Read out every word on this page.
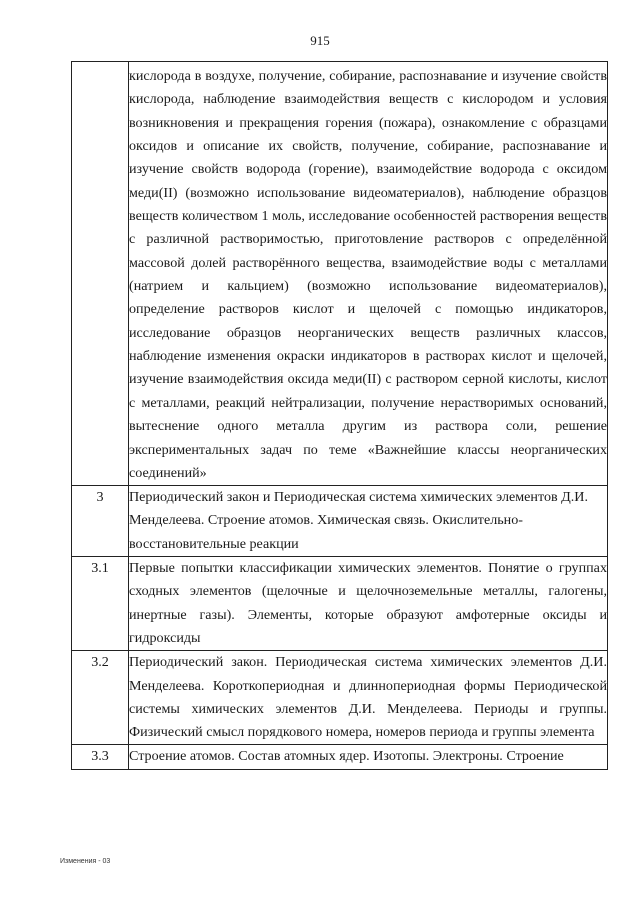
915
	кислорода в воздухе, получение, собирание, распознавание и изучение свойств кислорода, наблюдение взаимодействия веществ с кислородом и условия возникновения и прекращения горения (пожара), ознакомление с образцами оксидов и описание их свойств, получение, собирание, распознавание и изучение свойств водорода (горение), взаимодействие водорода с оксидом меди(II) (возможно использование видеоматериалов), наблюдение образцов веществ количеством 1 моль, исследование особенностей растворения веществ с различной растворимостью, приготовление растворов с определённой массовой долей растворённого вещества, взаимодействие воды с металлами (натрием и кальцием) (возможно использование видеоматериалов), определение растворов кислот и щелочей с помощью индикаторов, исследование образцов неорганических веществ различных классов, наблюдение изменения окраски индикаторов в растворах кислот и щелочей, изучение взаимодействия оксида меди(II) с раствором серной кислоты, кислот с металлами, реакций нейтрализации, получение нерастворимых оснований, вытеснение одного металла другим из раствора соли, решение экспериментальных задач по теме «Важнейшие классы неорганических соединений»
3	Периодический закон и Периодическая система химических элементов Д.И. Менделеева. Строение атомов. Химическая связь. Окислительно-восстановительные реакции
3.1	Первые попытки классификации химических элементов. Понятие о группах сходных элементов (щелочные и щелочноземельные металлы, галогены, инертные газы). Элементы, которые образуют амфотерные оксиды и гидроксиды
3.2	Периодический закон. Периодическая система химических элементов Д.И. Менделеева. Короткопериодная и длиннопериодная формы Периодической системы химических элементов Д.И. Менделеева. Периоды и группы. Физический смысл порядкового номера, номеров периода и группы элемента
3.3	Строение атомов. Состав атомных ядер. Изотопы. Электроны. Строение
Изменения - 03
